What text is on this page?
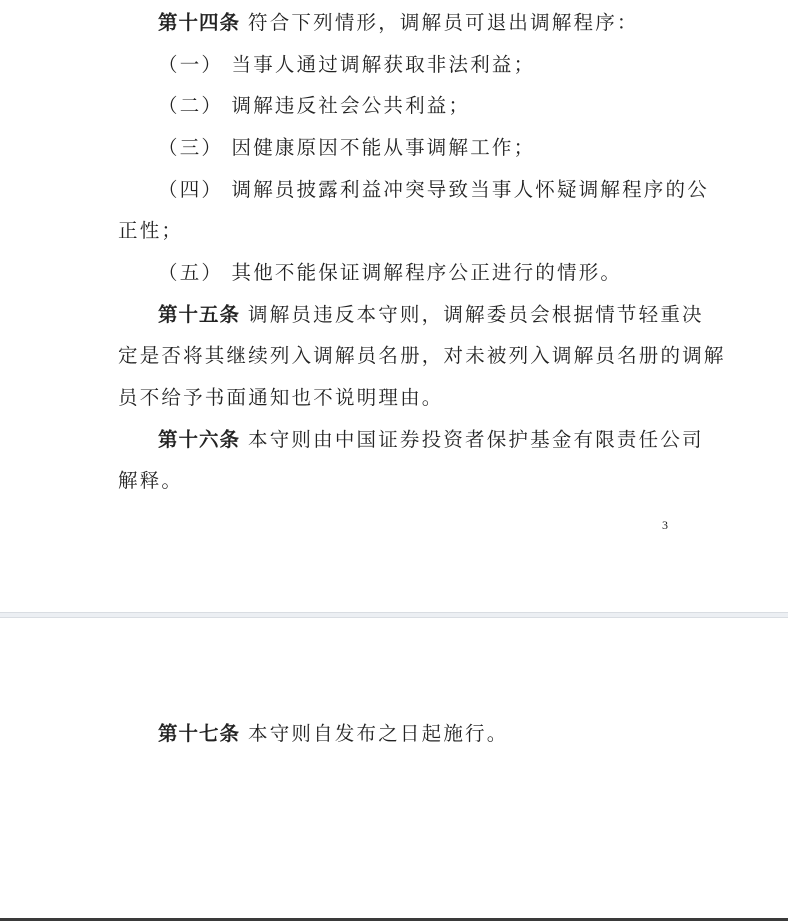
第十四条 符合下列情形，调解员可退出调解程序：
（一） 当事人通过调解获取非法利益；
（二） 调解违反社会公共利益；
（三） 因健康原因不能从事调解工作；
（四） 调解员披露利益冲突导致当事人怀疑调解程序的公
正性；
（五） 其他不能保证调解程序公正进行的情形。
第十五条 调解员违反本守则，调解委员会根据情节轻重决
定是否将其继续列入调解员名册，对未被列入调解员名册的调解
员不给予书面通知也不说明理由。
第十六条 本守则由中国证券投资者保护基金有限责任公司
解释。
3
第十七条 本守则自发布之日起施行。
